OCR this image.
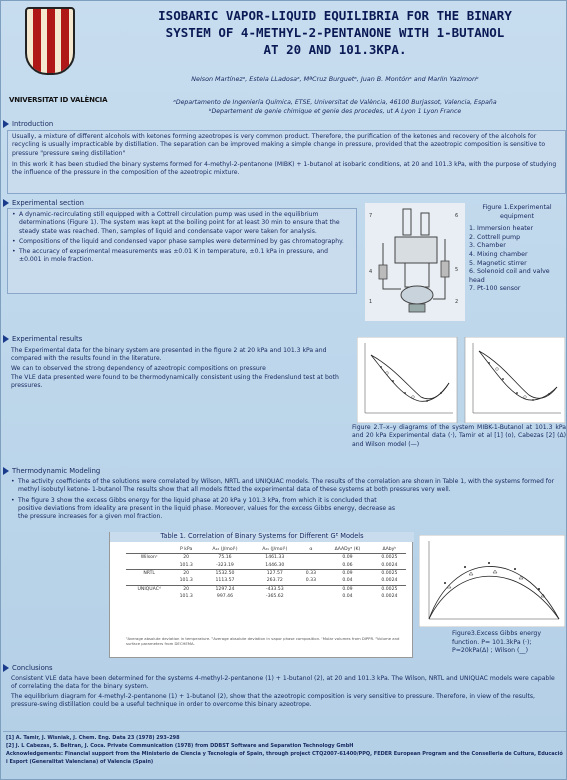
VNIVERSITAT ID VALÈNCIA
ISOBARIC VAPOR-LIQUID EQUILIBRIA FOR THE BINARY
SYSTEM OF 4-METHYL-2-PENTANONE WITH 1-BUTANOL
AT 20 AND 101.3KPA.
Nelson Martínezᵃ, Estela LLadosaᵃ, MªCruz Burguetᵃ, Juan B. Montónᵃ and Marlin Yazimonᵇ
ᵃDepartamento de Ingeniería Química, ETSE, Universitat de València, 46100 Burjassot, Valencia, España
ᵇDepartement de genie chimique et genie des procedes, ut A Lyon 1 Lyon France
Introduction

Usually, a mixture of different alcohols with ketones forming azeotropes is very common product. Therefore, the purification of the ketones and recovery of the alcohols for recycling is usually impracticable by distillation. The separation can be improved making a simple change in pressure, provided that the azeotropic composition is sensitive to pressure "pressure swing distillation"

In this work it has been studied the binary systems formed for 4-methyl-2-pentanone (MIBK) + 1-butanol at isobaric conditions, at 20 and 101.3 kPa, with the purpose of studying the influence of the pressure in the composition of the azeotropic mixture.

Experimental section
• A dynamic-recirculating still equipped with a Cottrell circulation pump was used in the equilibrium determinations (Figure 1). The system was kept at the boiling point for at least 30 min to ensure that the steady state was reached. Then, samples of liquid and condensate vapor were taken for analysis.
• Compositions of the liquid and condensed vapor phase samples were determined by gas chromatography.
• The accuracy of experimental measurements was ±0.01 K in temperature, ±0.1 kPa in pressure, and ±0.001 in mole fraction.
7	6
4	5
1	2
Figure 1.Experimental equipment
1. Immersion heater
2. Cottrell pump
3. Chamber
4. Mixing chamber
5. Magnetic stirrer
6. Solenoid coil and valve head
7. Pt-100 sensor
Experimental results

The Experimental data for the binary system are presented in the figure 2 at 20 kPa and 101.3 kPa and compared with the results found in the literature.

We can to observed the strong dependency of azeotropic compositions on pressure

The VLE data presented were found to be thermodynamically consistent using the Fredenslund test at both pressures.

Figure 2.T–x–y diagrams of the system MIBK-1-Butanol at 101.3 kPa and 20 kPa Experimental data (·), Tamir et al [1] (o), Cabezas [2] (Δ) and Wilson model (—)
Thermodynamic Modeling
• The activity coefficients of the solutions were correlated by Wilson, NRTL and UNIQUAC models. The results of the correlation are shown in Table 1, with the systems formed for methyl isobutyl ketone- 1-butanol The results show that all models fitted the experimental data of these systems at both pressures very well.
• The figure 3 show the excess Gibbs energy for the liquid phase at 20 kPa y 101.3 kPa, from which it is concluded that positive deviations from ideality are present in the liquid phase. Moreover, values for the excess Gibbs energy, decrease as the pressure increases for a given mol fraction.
Table 1. Correlation of Binary Systems for Different Gᴱ Models
	P kPa	A₁₂ (J/mol¹)	A₂₁ (J/mol¹)	α	ΔAADyᵃ (K)	ΔAbyᵇ
Wilsonᶜ	20	75.16	1461.33		0.09	0.0025
	101.3	-323.19	1446.30		0.06	0.0024
NRTL	20	1532.50	127.57	0.33	0.09	0.0025
	101.3	1113.57	263.72	0.33	0.04	0.0024
UNIQUACᵈ	20	1297.24	-433.53		0.09	0.0025
	101.3	997.46	-365.62		0.04	0.0024
ᵃAverage absolute deviation in temperature. ᵇAverage absolute deviation in vapor phase composition. ᶜMolar volumes from DIPPR. ᵈVolume and surface parameters from DECHEMA.
Figure3.Excess Gibbs energy function. P= 101.3kPa (·); P=20kPa(Δ) ; Wilson (__)
Conclusions

Consistent VLE data have been determined for the systems 4-methyl-2-pentanone (1) + 1-butanol (2), at 20 and 101.3 kPa. The Wilson, NRTL and UNIQUAC models were capable of correlating the data for the binary system.

The equilibrium diagram for 4-methyl-2-pentanone (1) + 1-butanol (2), show that the azeotropic composition is very sensitive to pressure. Therefore, in view of the results, pressure-swing distillation could be a useful technique in order to overcome this binary azeotrope.

[1] A. Tamir, J. Wisniak, J. Chem. Eng. Data 23 (1978) 293–298
[2] J. L Cabezas, S. Beltran, J. Coca. Private Communication (1978) from DDBST Software and Separation Technology GmbH
Acknowledgements: Financial support from the Ministerio de Ciencia y Tecnología of Spain, through project CTQ2007-61400/PPQ, FEDER European Program and the Conselleria de Cultura, Educació i Esport (Generalitat Valenciana) of Valencia (Spain)
